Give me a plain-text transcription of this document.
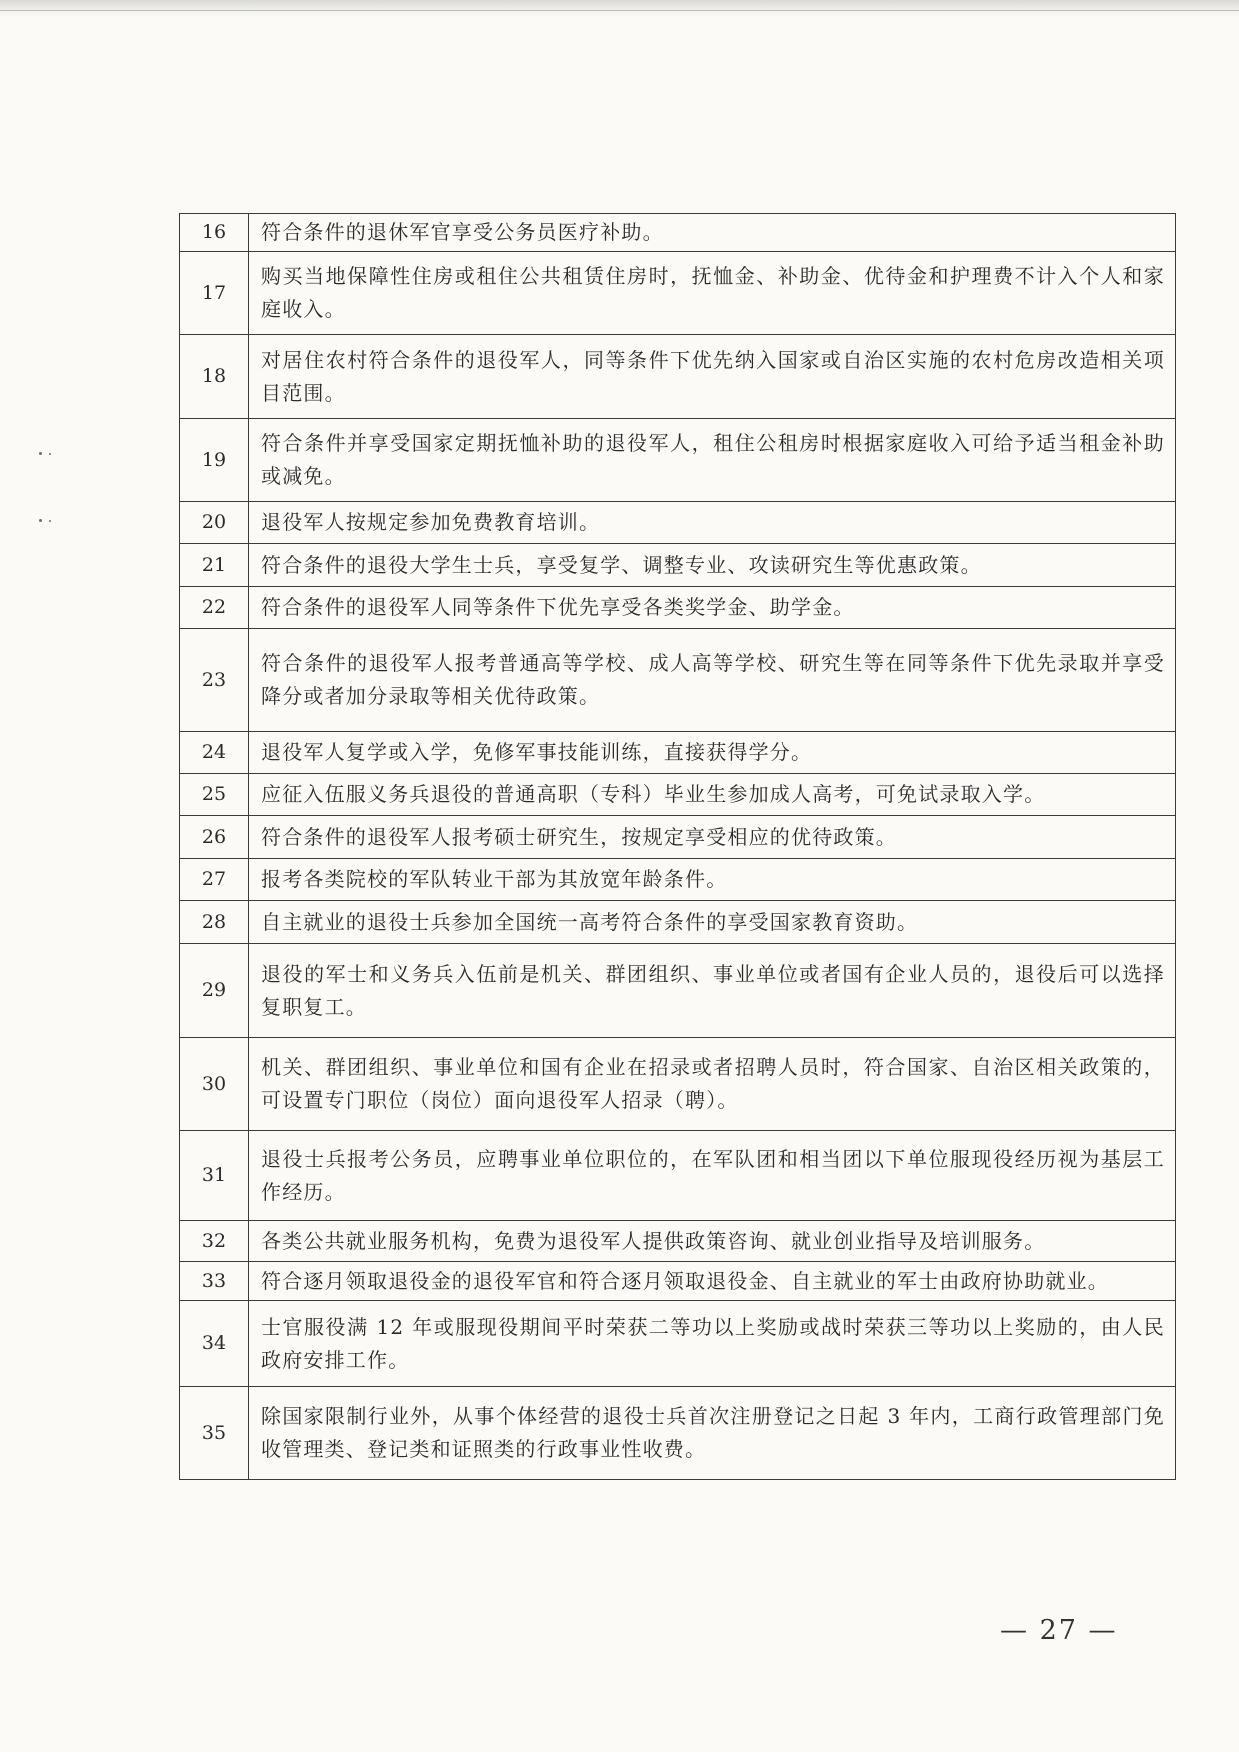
16	符合条件的退休军官享受公务员医疗补助。
17	购买当地保障性住房或租住公共租赁住房时，抚恤金、补助金、优待金和护理费不计入个人和家庭收入。
18	对居住农村符合条件的退役军人，同等条件下优先纳入国家或自治区实施的农村危房改造相关项目范围。
19	符合条件并享受国家定期抚恤补助的退役军人，租住公租房时根据家庭收入可给予适当租金补助或减免。
20	退役军人按规定参加免费教育培训。
21	符合条件的退役大学生士兵，享受复学、调整专业、攻读研究生等优惠政策。
22	符合条件的退役军人同等条件下优先享受各类奖学金、助学金。
23	符合条件的退役军人报考普通高等学校、成人高等学校、研究生等在同等条件下优先录取并享受降分或者加分录取等相关优待政策。
24	退役军人复学或入学，免修军事技能训练，直接获得学分。
25	应征入伍服义务兵退役的普通高职（专科）毕业生参加成人高考，可免试录取入学。
26	符合条件的退役军人报考硕士研究生，按规定享受相应的优待政策。
27	报考各类院校的军队转业干部为其放宽年龄条件。
28	自主就业的退役士兵参加全国统一高考符合条件的享受国家教育资助。
29	退役的军士和义务兵入伍前是机关、群团组织、事业单位或者国有企业人员的，退役后可以选择复职复工。
30	机关、群团组织、事业单位和国有企业在招录或者招聘人员时，符合国家、自治区相关政策的，可设置专门职位（岗位）面向退役军人招录（聘）。
31	退役士兵报考公务员，应聘事业单位职位的，在军队团和相当团以下单位服现役经历视为基层工作经历。
32	各类公共就业服务机构，免费为退役军人提供政策咨询、就业创业指导及培训服务。
33	符合逐月领取退役金的退役军官和符合逐月领取退役金、自主就业的军士由政府协助就业。
34	士官服役满 12 年或服现役期间平时荣获二等功以上奖励或战时荣获三等功以上奖励的，由人民政府安排工作。
35	除国家限制行业外，从事个体经营的退役士兵首次注册登记之日起 3 年内，工商行政管理部门免收管理类、登记类和证照类的行政事业性收费。
— 27 —
